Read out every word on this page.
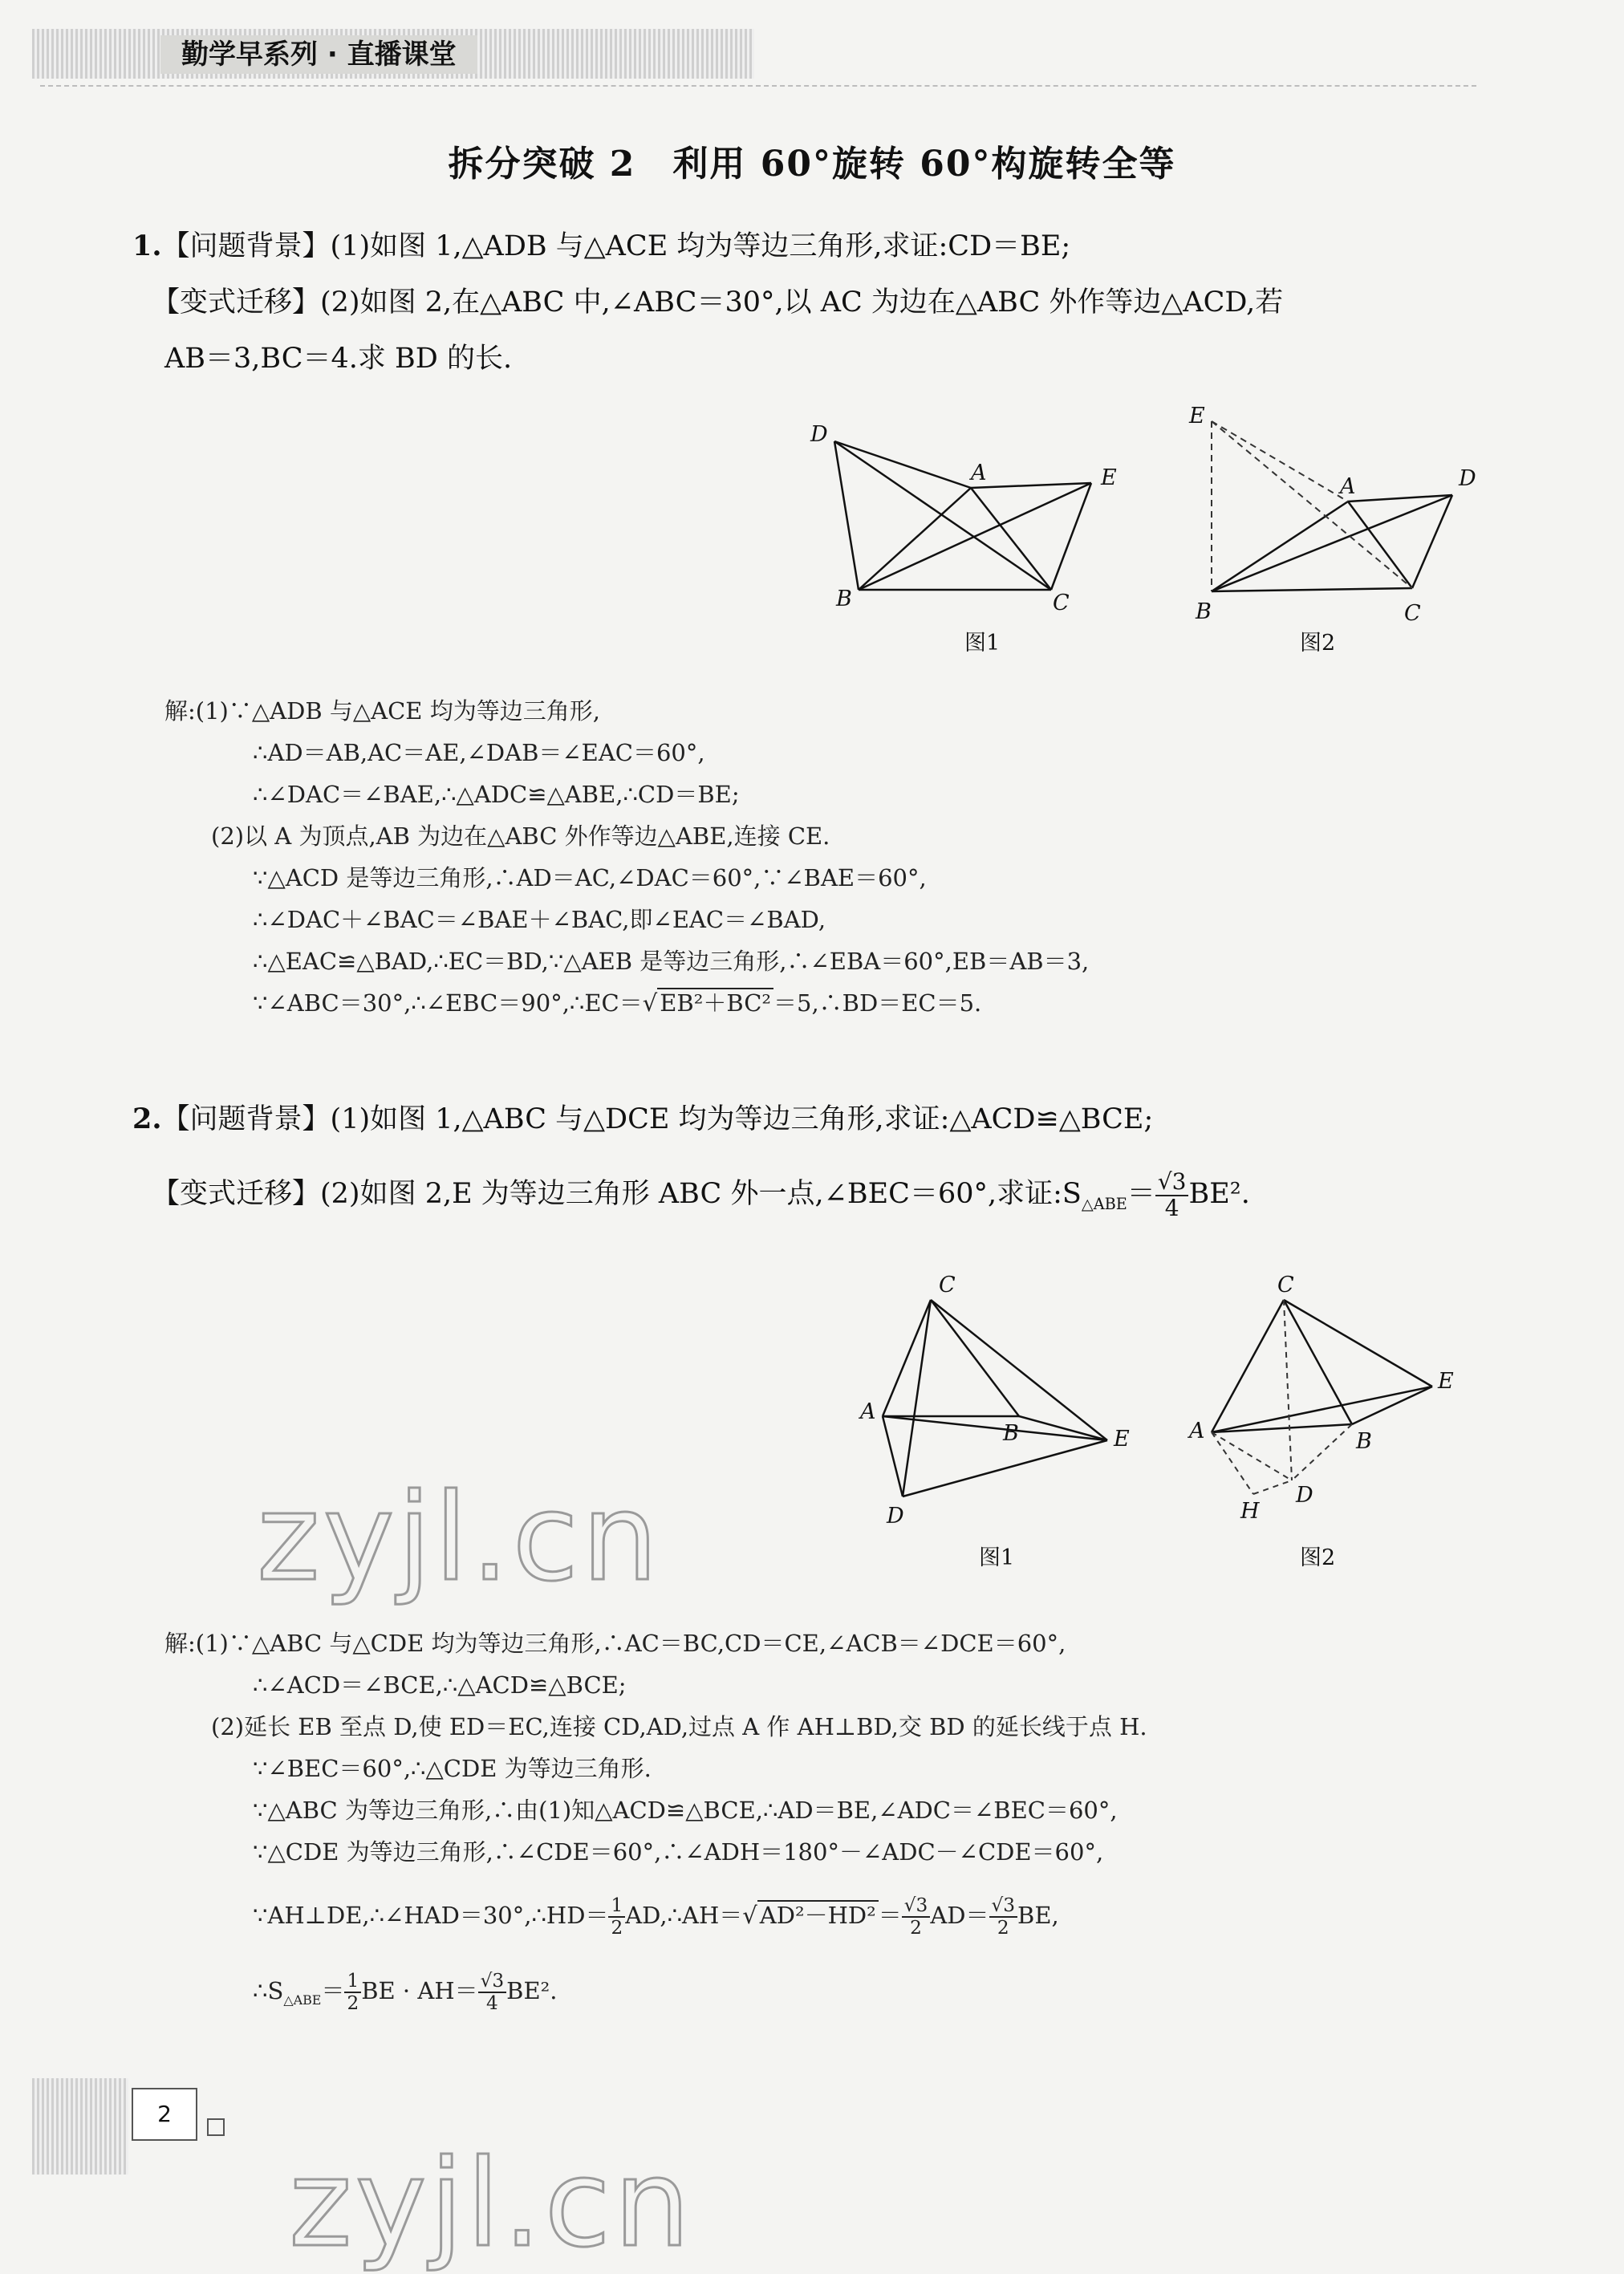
勤学早系列 · 直播课堂
拆分突破 2　利用 60°旋转 60°构旋转全等
1.【问题背景】(1)如图 1,△ADB 与△ACE 均为等边三角形,求证:CD＝BE;
【变式迁移】(2)如图 2,在△ABC 中,∠ABC＝30°,以 AC 为边在△ABC 外作等边△ACD,若
AB＝3,BC＝4.求 BD 的长.
D
A	E
B	C
图1
E
A	D
B	C
图2
解:(1)∵△ADB 与△ACE 均为等边三角形,
∴AD＝AB,AC＝AE,∠DAB＝∠EAC＝60°,
∴∠DAC＝∠BAE,∴△ADC≌△ABE,∴CD＝BE;
(2)以 A 为顶点,AB 为边在△ABC 外作等边△ABE,连接 CE.
∵△ACD 是等边三角形,∴AD＝AC,∠DAC＝60°,∵∠BAE＝60°,
∴∠DAC＋∠BAC＝∠BAE＋∠BAC,即∠EAC＝∠BAD,
∴△EAC≌△BAD,∴EC＝BD,∵△AEB 是等边三角形,∴∠EBA＝60°,EB＝AB＝3,
∵∠ABC＝30°,∴∠EBC＝90°,∴EC＝√ EB²＋BC² ＝5,∴BD＝EC＝5.
2.【问题背景】(1)如图 1,△ABC 与△DCE 均为等边三角形,求证:△ACD≌△BCE;
【变式迁移】(2)如图 2,E 为等边三角形 ABC 外一点,∠BEC＝60°,求证$:S_{\triangle ABE}= \frac{√3}{4} BE^2$.
C
A
B	E
D
图1
C
E
A	B
D
H
图2
zyjl.cn
zyjl.cn
解:(1)∵△ABC 与△CDE 均为等边三角形,∴AC＝BC,CD＝CE,∠ACB＝∠DCE＝60°,
∴∠ACD＝∠BCE,∴△ACD≌△BCE;
(2)延长 EB 至点 D,使 ED＝EC,连接 CD,AD,过点 A 作 AH⊥BD,交 BD 的延长线于点 H.
∵∠BEC＝60°,∴△CDE 为等边三角形.
∵△ABC 为等边三角形,∴由(1)知△ACD≌△BCE,∴AD＝BE,∠ADC＝∠BEC＝60°,
∵△CDE 为等边三角形,∴∠CDE＝60°,∴∠ADH＝180°－∠ADC－∠CDE＝60°,
∵AH⊥DE,∴∠HAD＝30°,∴HD＝ $\frac{1}{2}$ AD,∴AH＝√ $AD^2-HD^2 = \frac{√3}{2} AD= \frac{√3}{2}$ BE,
$\therefore S_{\triangle ABE}= \frac{1}{2}$ BE · $AH= \frac{√3}{4} BE^2$.
2
